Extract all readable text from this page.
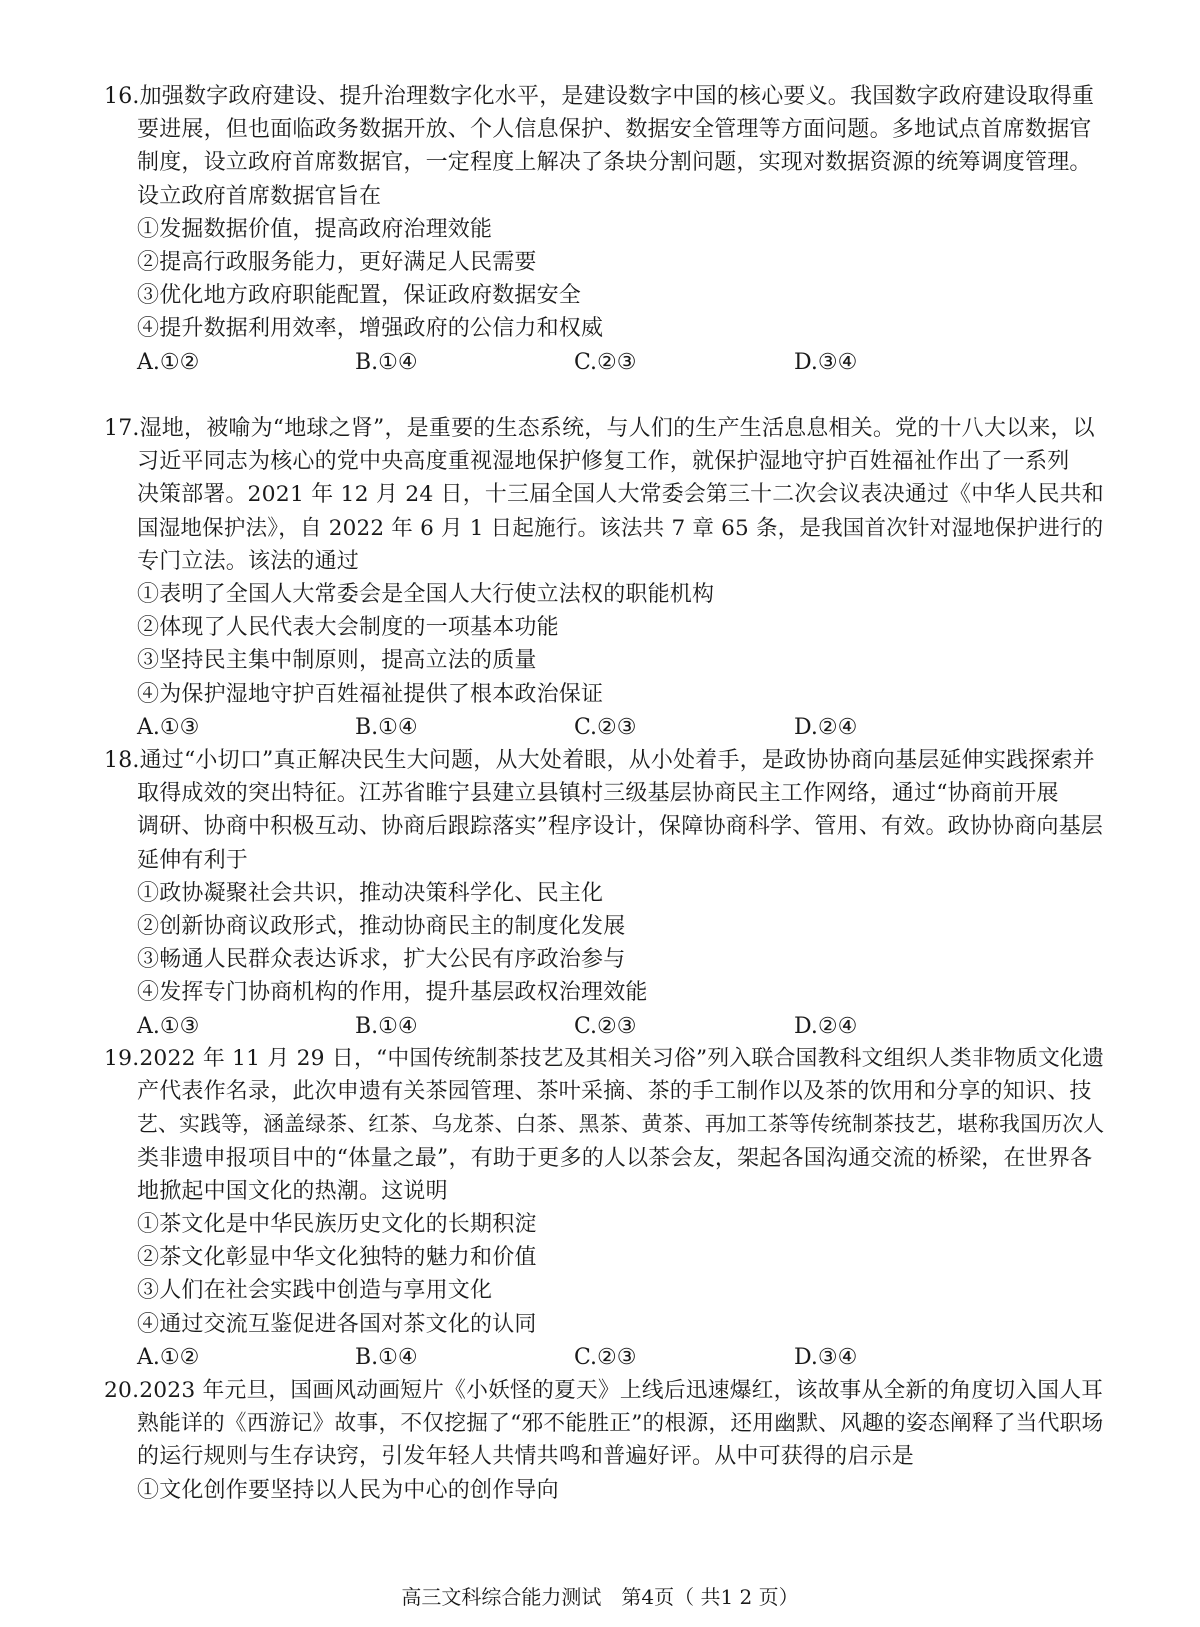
16.加强数字政府建设、提升治理数字化水平，是建设数字中国的核心要义。我国数字政府建设取得重
要进展，但也面临政务数据开放、个人信息保护、数据安全管理等方面问题。多地试点首席数据官
制度，设立政府首席数据官，一定程度上解决了条块分割问题，实现对数据资源的统筹调度管理。
设立政府首席数据官旨在
①发掘数据价值，提高政府治理效能
②提高行政服务能力，更好满足人民需要
③优化地方政府职能配置，保证政府数据安全
④提升数据利用效率，增强政府的公信力和权威
A.①②	B.①④	C.②③	D.③④
17.湿地，被喻为“地球之肾”，是重要的生态系统，与人们的生产生活息息相关。党的十八大以来，以
习近平同志为核心的党中央高度重视湿地保护修复工作，就保护湿地守护百姓福祉作出了一系列
决策部署。2021 年 12 月 24 日，十三届全国人大常委会第三十二次会议表决通过《中华人民共和
国湿地保护法》，自 2022 年 6 月 1 日起施行。该法共 7 章 65 条，是我国首次针对湿地保护进行的
专门立法。该法的通过
①表明了全国人大常委会是全国人大行使立法权的职能机构
②体现了人民代表大会制度的一项基本功能
③坚持民主集中制原则，提高立法的质量
④为保护湿地守护百姓福祉提供了根本政治保证
A.①③	B.①④	C.②③	D.②④
18.通过“小切口”真正解决民生大问题，从大处着眼，从小处着手，是政协协商向基层延伸实践探索并
取得成效的突出特征。江苏省睢宁县建立县镇村三级基层协商民主工作网络，通过“协商前开展
调研、协商中积极互动、协商后跟踪落实”程序设计，保障协商科学、管用、有效。政协协商向基层
延伸有利于
①政协凝聚社会共识，推动决策科学化、民主化
②创新协商议政形式，推动协商民主的制度化发展
③畅通人民群众表达诉求，扩大公民有序政治参与
④发挥专门协商机构的作用，提升基层政权治理效能
A.①③	B.①④	C.②③	D.②④
19.2022 年 11 月 29 日，“中国传统制茶技艺及其相关习俗”列入联合国教科文组织人类非物质文化遗
产代表作名录，此次申遗有关茶园管理、茶叶采摘、茶的手工制作以及茶的饮用和分享的知识、技
艺、实践等，涵盖绿茶、红茶、乌龙茶、白茶、黑茶、黄茶、再加工茶等传统制茶技艺，堪称我国历次人
类非遗申报项目中的“体量之最”，有助于更多的人以茶会友，架起各国沟通交流的桥梁，在世界各
地掀起中国文化的热潮。这说明
①茶文化是中华民族历史文化的长期积淀
②茶文化彰显中华文化独特的魅力和价值
③人们在社会实践中创造与享用文化
④通过交流互鉴促进各国对茶文化的认同
A.①②	B.①④	C.②③	D.③④
20.2023 年元旦，国画风动画短片《小妖怪的夏天》上线后迅速爆红，该故事从全新的角度切入国人耳
熟能详的《西游记》故事，不仅挖掘了“邪不能胜正”的根源，还用幽默、风趣的姿态阐释了当代职场
的运行规则与生存诀窍，引发年轻人共情共鸣和普遍好评。从中可获得的启示是
①文化创作要坚持以人民为中心的创作导向
高三文科综合能力测试　第4页（ 共1 2 页）
